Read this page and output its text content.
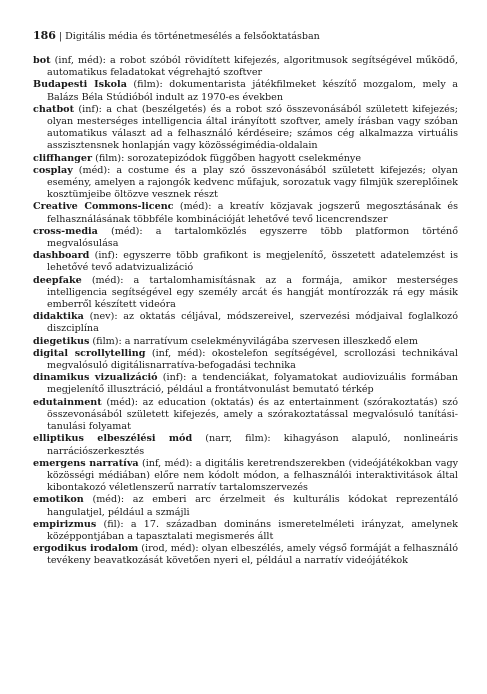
186 | Digitális média és történetmesélés a felsőoktatásban

bot (inf, méd): a robot szóból rövidített kifejezés, algoritmusok segítségével működő, automatikus feladatokat végrehajtó szoftver

Budapesti Iskola (film): dokumentarista játékfilmeket készítő mozgalom, mely a Balázs Béla Stúdióból indult az 1970-es években

chatbot (inf): a chat (beszélgetés) és a robot szó összevonásából született kifejezés; olyan mesterséges intelligencia által irányított szoftver, amely írásban vagy szóban automatikus választ ad a felhasználó kérdéseire; számos cég alkalmazza virtuális asszisztensnek honlapján vagy közösségimédia-oldalain

cliffhanger (film): sorozatepizódok függőben hagyott cselekménye

cosplay (méd): a costume és a play szó összevonásából született kifejezés; olyan esemény, amelyen a rajongók kedvenc műfajuk, sorozatuk vagy filmjük szereplőinek kosztümjeibe öltözve vesznek részt

Creative Commons-licenc (méd): a kreatív közjavak jogszerű megosztásának és felhasználásának többféle kombinációját lehetővé tevő licencrendszer

cross-media (méd): a tartalomközlés egyszerre több platformon történő megvalósulása

dashboard (inf): egyszerre több grafikont is megjelenítő, összetett adatelemzést is lehetővé tevő adatvizualizáció

deepfake (méd): a tartalomhamisításnak az a formája, amikor mesterséges intelligencia segítségével egy személy arcát és hangját montírozzák rá egy másik emberről készített videóra

didaktika (nev): az oktatás céljával, módszereivel, szervezési módjaival foglalkozó diszciplína

diegetikus (film): a narratívum cselekményvilágába szervesen illeszkedő elem

digital scrollytelling (inf, méd): okostelefon segítségével, scrollozási technikával megvalósuló digitálisnarratíva-befogadási technika

dinamikus vizualizáció (inf): a tendenciákat, folyamatokat audiovizuális formában megjelenítő illusztráció, például a frontátvonulást bemutató térkép

edutainment (méd): az education (oktatás) és az entertainment (szórakoztatás) szó összevonásából született kifejezés, amely a szórakoztatással megvalósuló tanítási-tanulási folyamat

elliptikus elbeszélési mód (narr, film): kihagyáson alapuló, nonlineáris narrációszerkesztés

emergens narratíva (inf, méd): a digitális keretrendszerekben (videójátékokban vagy közösségi médiában) előre nem kódolt módon, a felhasználói interaktivitások által kibontakozó véletlenszerű narratív tartalomszervezés

emotikon (méd): az emberi arc érzelmeit és kulturális kódokat reprezentáló hangulatjel, például a szmájli

empirizmus (fil): a 17. században domináns ismeretelméleti irányzat, amelynek középpontjában a tapasztalati megismerés állt

ergodikus irodalom (irod, méd): olyan elbeszélés, amely végső formáját a felhasználó tevékeny beavatkozását követően nyeri el, például a narratív videójátékok
